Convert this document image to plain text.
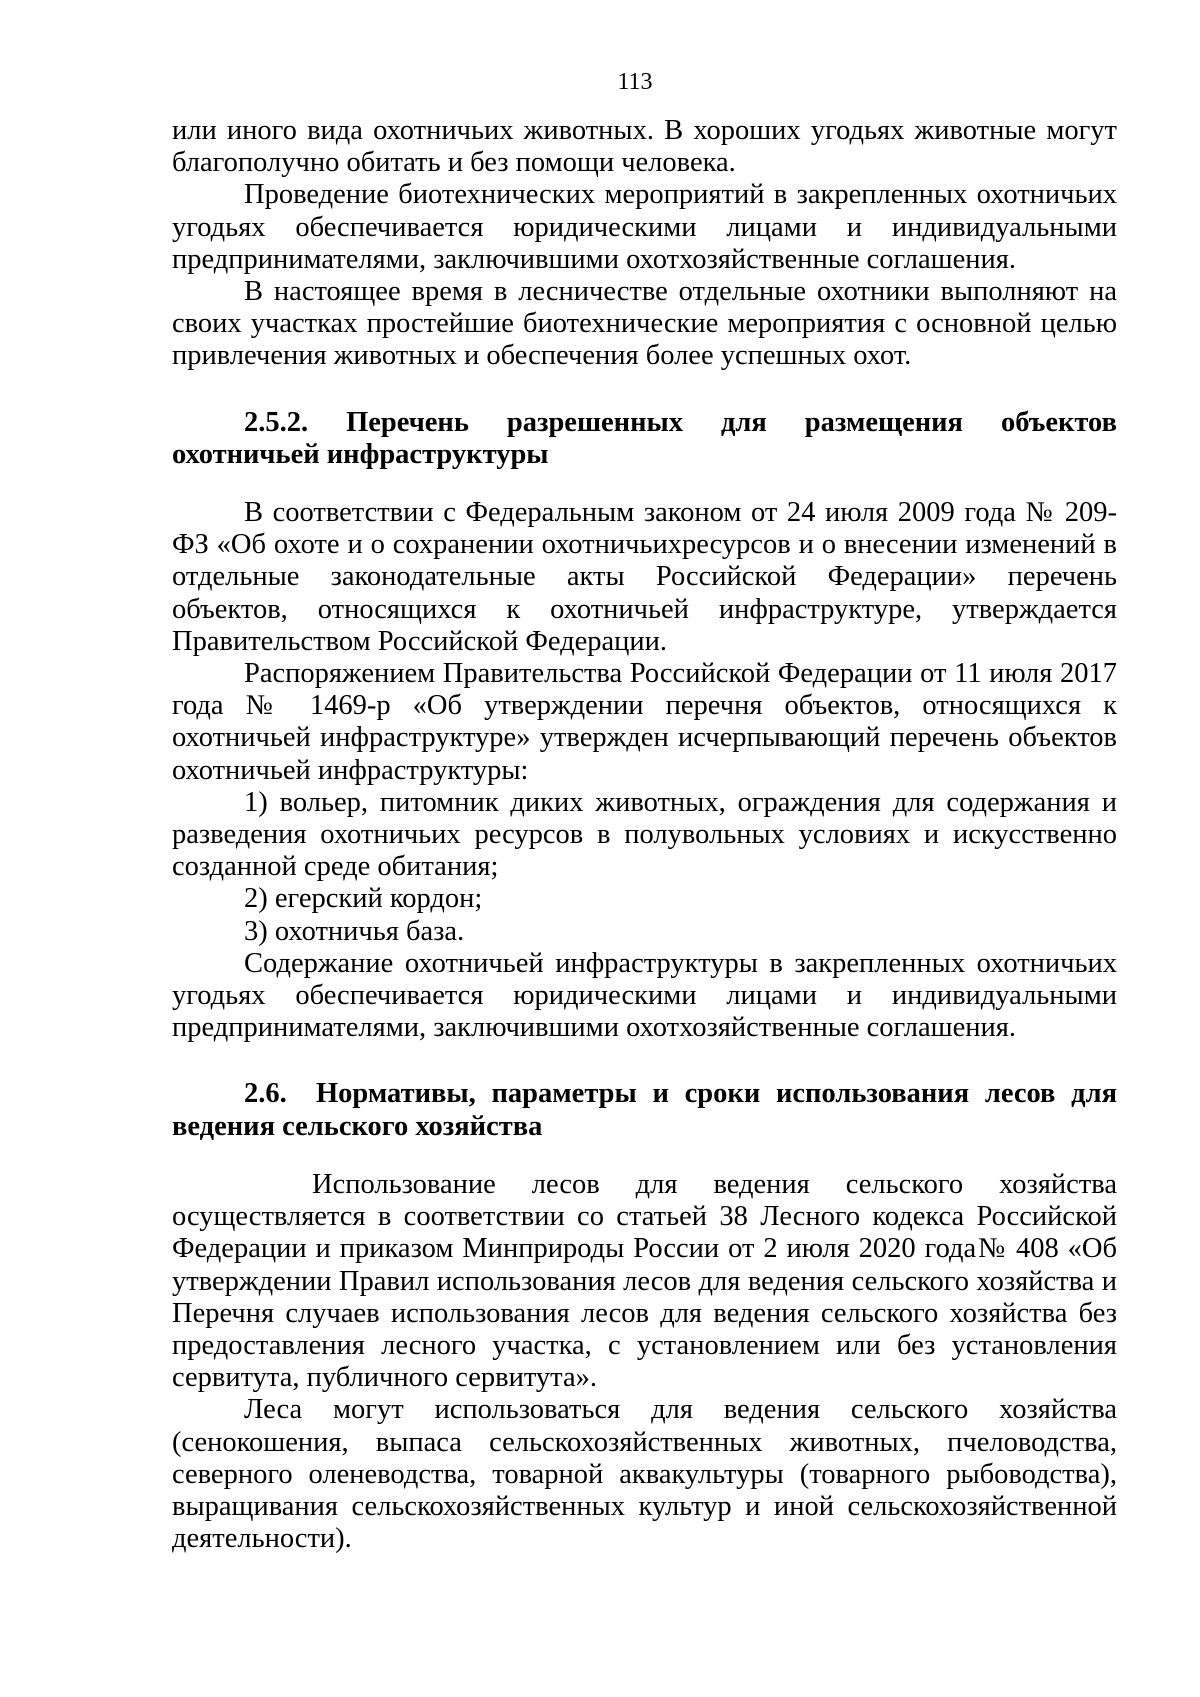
113

или иного вида охотничьих животных. В хороших угодьях животные могут благополучно обитать и без помощи человека.

Проведение биотехнических мероприятий в закрепленных охотничьих угодьях обеспечивается юридическими лицами и индивидуальными предпринимателями, заключившими охотхозяйственные соглашения.

В настоящее время в лесничестве отдельные охотники выполняют на своих участках простейшие биотехнические мероприятия с основной целью привлечения животных и обеспечения более успешных охот.

2.5.2. Перечень разрешенных для размещения объектов охотничьей инфраструктуры

В соответствии с Федеральным законом от 24 июля 2009 года № 209-ФЗ «Об охоте и о сохранении охотничьихресурсов и о внесении изменений в отдельные законодательные акты Российской Федерации» перечень объектов, относящихся к охотничьей инфраструктуре, утверждается Правительством Российской Федерации.

Распоряжением Правительства Российской Федерации от 11 июля 2017 года № 1469-р «Об утверждении перечня объектов, относящихся к охотничьей инфраструктуре» утвержден исчерпывающий перечень объектов охотничьей инфраструктуры:

1) вольер, питомник диких животных, ограждения для содержания и разведения охотничьих ресурсов в полувольных условиях и искусственно созданной среде обитания;

2) егерский кордон;

3) охотничья база.

Содержание охотничьей инфраструктуры в закрепленных охотничьих угодьях обеспечивается юридическими лицами и индивидуальными предпринимателями, заключившими охотхозяйственные соглашения.

2.6. Нормативы, параметры и сроки использования лесов для ведения сельского хозяйства

Использование лесов для ведения сельского хозяйства осуществляется в соответствии со статьей 38 Лесного кодекса Российской Федерации и приказом Минприроды России от 2 июля 2020 года№ 408 «Об утверждении Правил использования лесов для ведения сельского хозяйства и Перечня случаев использования лесов для ведения сельского хозяйства без предоставления лесного участка, с установлением или без установления сервитута, публичного сервитута».

Леса могут использоваться для ведения сельского хозяйства (сенокошения, выпаса сельскохозяйственных животных, пчеловодства, северного оленеводства, товарной аквакультуры (товарного рыбоводства), выращивания сельскохозяйственных культур и иной сельскохозяйственной деятельности).
